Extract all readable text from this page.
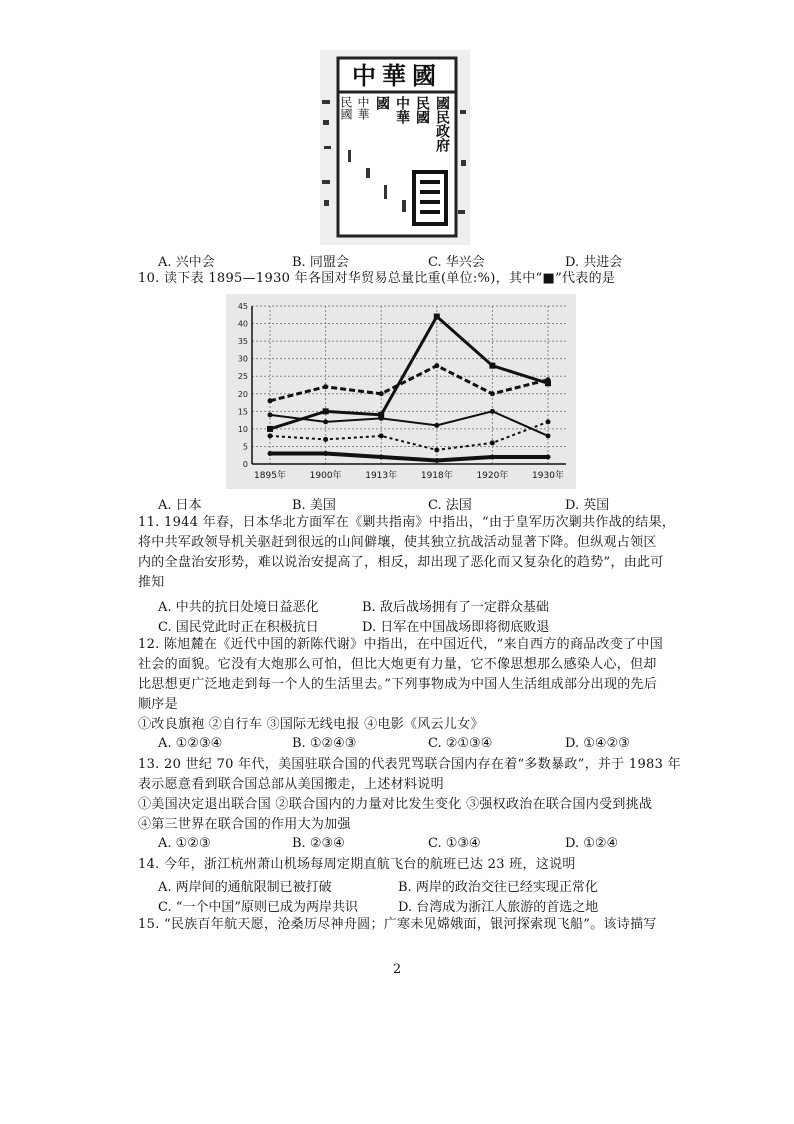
中華國
國民政府
民國
中華
國
中華
民國
A. 兴中会	B. 同盟会	C. 华兴会	D. 共进会
10. 读下表 1895—1930 年各国对华贸易总量比重(单位:%)，其中“■”代表的是
1895年	1900年	1913年	1918年	1920年	1930年
0
5
10
15
20
25
30
35
40
45
A. 日本	B. 美国	C. 法国	D. 英国
11. 1944 年春，日本华北方面军在《剿共指南》中指出，“由于皇军历次剿共作战的结果，
将中共军政领导机关驱赶到很远的山间僻壤，使其独立抗战活动显著下降。但纵观占领区
内的全盘治安形势，难以说治安提高了，相反，却出现了恶化而又复杂化的趋势”，由此可
推知
A. 中共的抗日处境日益恶化	B. 敌后战场拥有了一定群众基础
C. 国民党此时正在积极抗日	D. 日军在中国战场即将彻底败退
12. 陈旭麓在《近代中国的新陈代谢》中指出，在中国近代，“来自西方的商品改变了中国
社会的面貌。它没有大炮那么可怕，但比大炮更有力量，它不像思想那么感染人心，但却
比思想更广泛地走到每一个人的生活里去。”下列事物成为中国人生活组成部分出现的先后
顺序是
①改良旗袍 ②自行车 ③国际无线电报 ④电影《风云儿女》
A. ①②③④	B. ①②④③	C. ②①③④	D. ①④②③
13. 20 世纪 70 年代，美国驻联合国的代表咒骂联合国内存在着“多数暴政”，并于 1983 年
表示愿意看到联合国总部从美国搬走，上述材料说明
①美国决定退出联合国 ②联合国内的力量对比发生变化 ③强权政治在联合国内受到挑战
④第三世界在联合国的作用大为加强
A. ①②③	B. ②③④	C. ①③④	D. ①②④
14. 今年，浙江杭州萧山机场每周定期直航飞台的航班已达 23 班，这说明
A. 两岸间的通航限制已被打破	B. 两岸的政治交往已经实现正常化
C. “一个中国”原则已成为两岸共识	D. 台湾成为浙江人旅游的首选之地
15. “民族百年航天愿，沧桑历尽神舟圆；广寒未见嫦娥面，银河探索现飞船”。该诗描写
2
